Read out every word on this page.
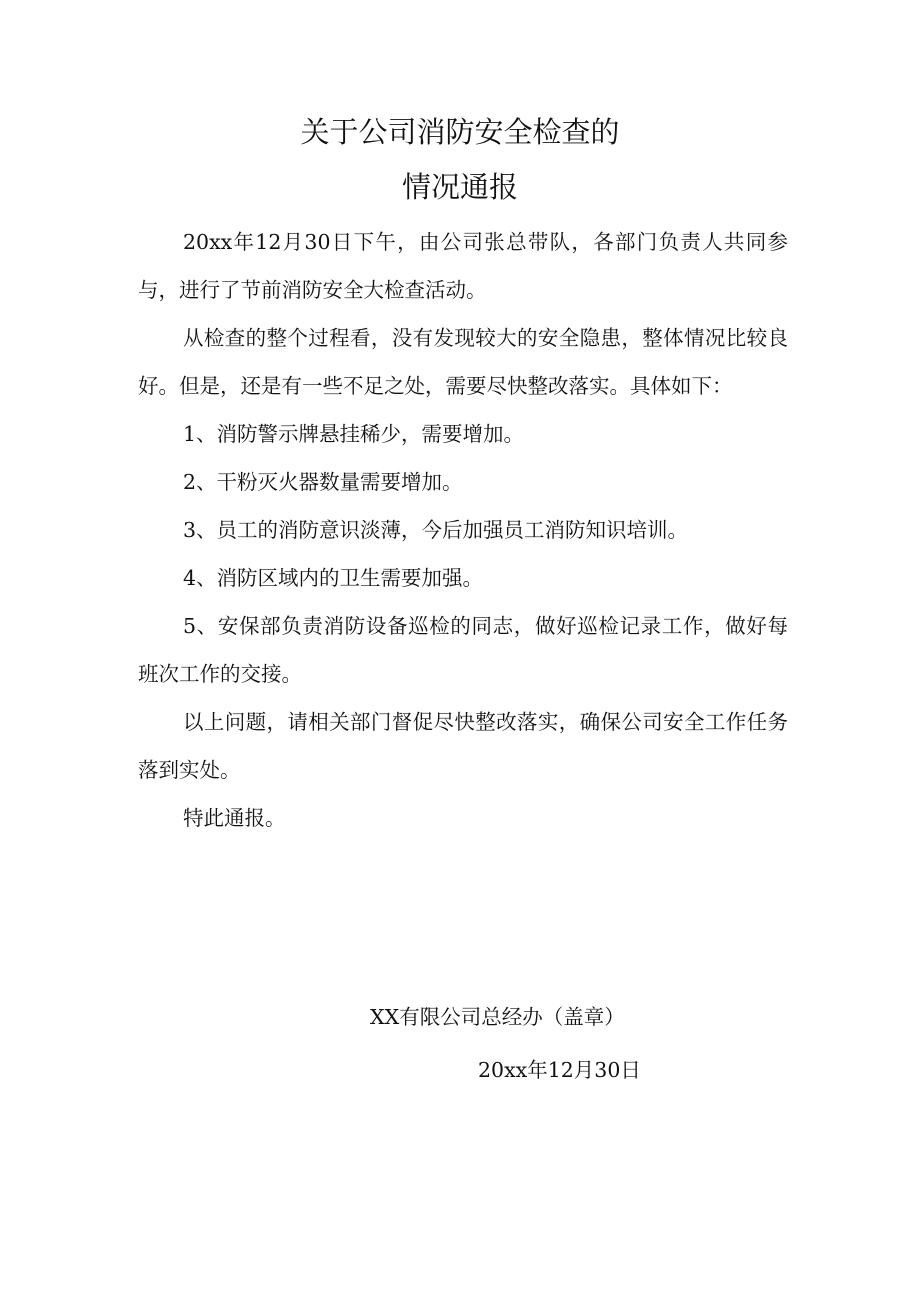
关于公司消防安全检查的
情况通报

20xx年12月30日下午，由公司张总带队，各部门负责人共同参与，进行了节前消防安全大检查活动。

从检查的整个过程看，没有发现较大的安全隐患，整体情况比较良好。但是，还是有一些不足之处，需要尽快整改落实。具体如下：

1、消防警示牌悬挂稀少，需要增加。

2、干粉灭火器数量需要增加。

3、员工的消防意识淡薄，今后加强员工消防知识培训。

4、消防区域内的卫生需要加强。

5、安保部负责消防设备巡检的同志，做好巡检记录工作，做好每班次工作的交接。

以上问题，请相关部门督促尽快整改落实，确保公司安全工作任务落到实处。

特此通报。

XX有限公司总经办（盖章）
20xx年12月30日
